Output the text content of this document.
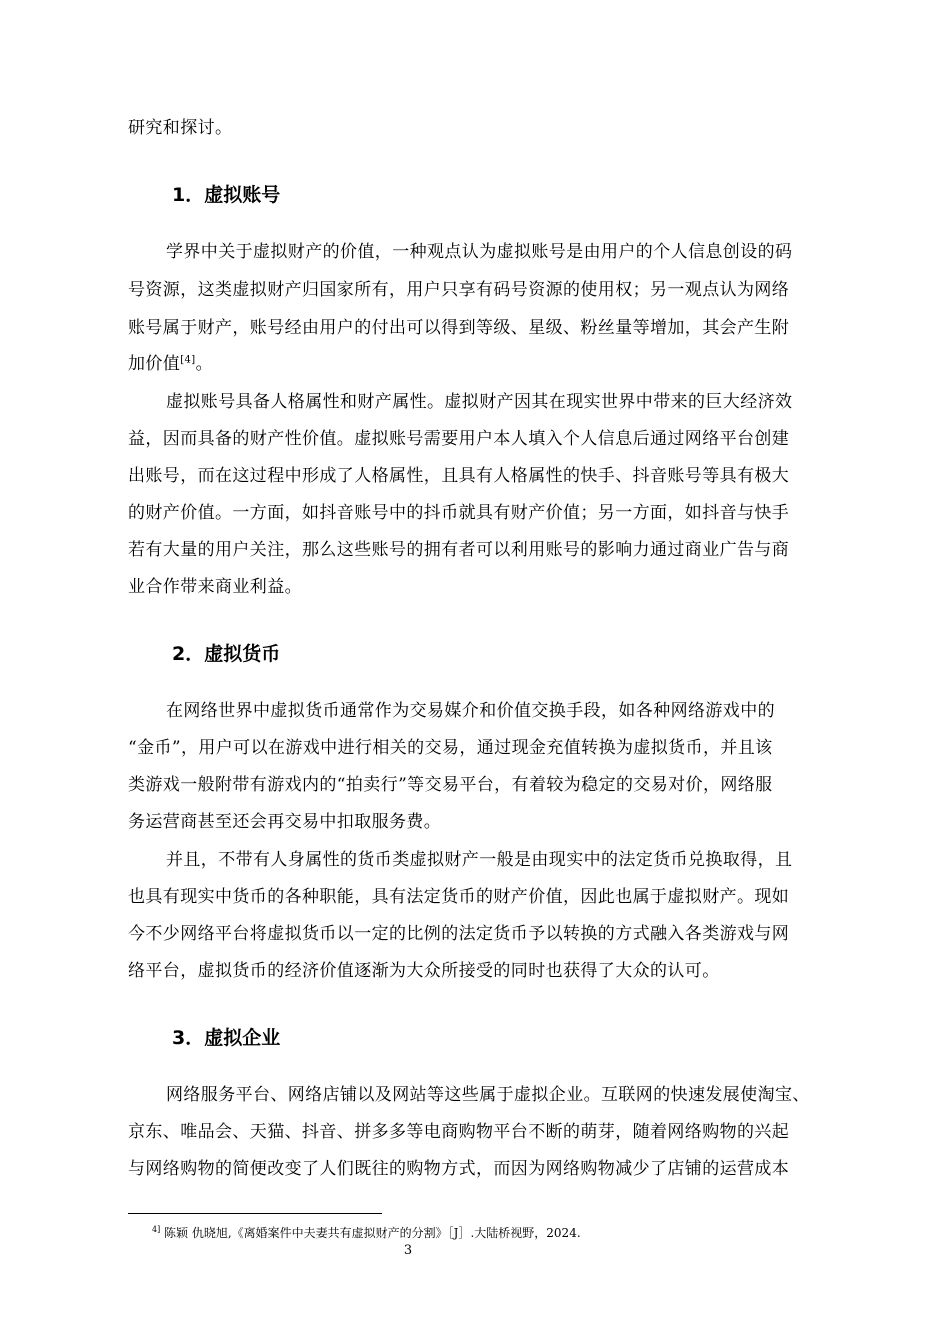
研究和探讨。
1．虚拟账号
学界中关于虚拟财产的价值，一种观点认为虚拟账号是由用户的个人信息创设的码
号资源，这类虚拟财产归国家所有，用户只享有码号资源的使用权；另一观点认为网络
账号属于财产，账号经由用户的付出可以得到等级、星级、粉丝量等增加，其会产生附
加价值[4]。
虚拟账号具备人格属性和财产属性。虚拟财产因其在现实世界中带来的巨大经济效
益，因而具备的财产性价值。虚拟账号需要用户本人填入个人信息后通过网络平台创建
出账号，而在这过程中形成了人格属性，且具有人格属性的快手、抖音账号等具有极大
的财产价值。一方面，如抖音账号中的抖币就具有财产价值；另一方面，如抖音与快手
若有大量的用户关注，那么这些账号的拥有者可以利用账号的影响力通过商业广告与商
业合作带来商业利益。
2．虚拟货币
在网络世界中虚拟货币通常作为交易媒介和价值交换手段，如各种网络游戏中的
“金币”，用户可以在游戏中进行相关的交易，通过现金充值转换为虚拟货币，并且该
类游戏一般附带有游戏内的“拍卖行”等交易平台，有着较为稳定的交易对价，网络服
务运营商甚至还会再交易中扣取服务费。
并且，不带有人身属性的货币类虚拟财产一般是由现实中的法定货币兑换取得，且
也具有现实中货币的各种职能，具有法定货币的财产价值，因此也属于虚拟财产。现如
今不少网络平台将虚拟货币以一定的比例的法定货币予以转换的方式融入各类游戏与网
络平台，虚拟货币的经济价值逐渐为大众所接受的同时也获得了大众的认可。
3．虚拟企业
网络服务平台、网络店铺以及网站等这些属于虚拟企业。互联网的快速发展使淘宝、
京东、唯品会、天猫、抖音、拼多多等电商购物平台不断的萌芽，随着网络购物的兴起
与网络购物的简便改变了人们既往的购物方式，而因为网络购物减少了店铺的运营成本
$^{4]}$ 陈颖 仇晓旭,《离婚案件中夫妻共有虚拟财产的分割》［J］.大陆桥视野，2024.
3
